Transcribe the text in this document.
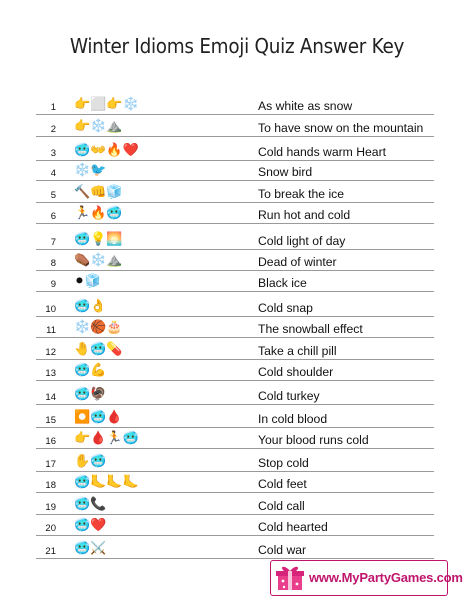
Winter Idioms Emoji Quiz Answer Key
1 👉⬜👉❄️	As white as snow
2 👉❄️⛰️	To have snow on the mountain
3 🥶👐🔥❤️	Cold hands warm Heart
4 ❄️🐦	Snow bird
5 🔨👊🧊	To break the ice
6 🏃🔥🥶	Run hot and cold
7 🥶💡🌅	Cold light of day
8 ⚰️❄️⛰️	Dead of winter
9 ⚫🧊	Black ice
10 🥶👌	Cold snap
11 ❄️🏀🎂	The snowball effect
12 🤚🥶💊	Take a chill pill
13 🥶💪	Cold shoulder
14 🥶🦃	Cold turkey
15 ⏺️🥶🩸	In cold blood
16 👉🩸🏃🥶	Your blood runs cold
17 ✋🥶	Stop cold
18 🥶🦶🦶🦶	Cold feet
19 🥶📞	Cold call
20 🥶❤️	Cold hearted
21 🥶⚔️	Cold war
www.MyPartyGames.com
